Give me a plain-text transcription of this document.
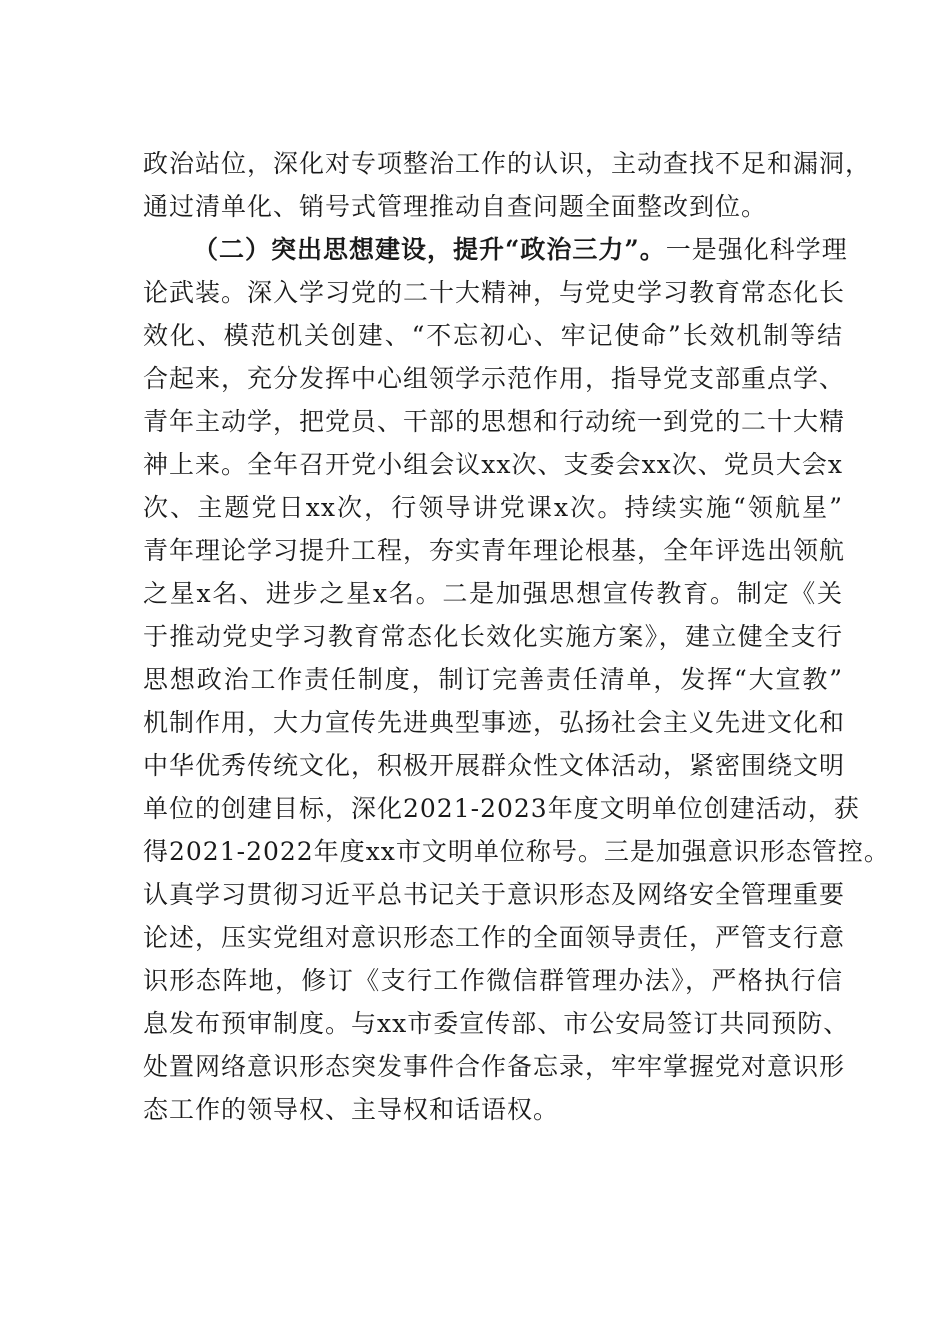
政治站位，深化对专项整治工作的认识，主动查找不足和漏洞，
通过清单化、销号式管理推动自查问题全面整改到位。
（二）突出思想建设，提升“政治三力”。一是强化科学理
论武装。深入学习党的二十大精神，与党史学习教育常态化长
效化、模范机关创建、“不忘初心、牢记使命”长效机制等结
合起来，充分发挥中心组领学示范作用，指导党支部重点学、
青年主动学，把党员、干部的思想和行动统一到党的二十大精
神上来。全年召开党小组会议xx次、支委会xx次、党员大会x
次、主题党日xx次，行领导讲党课x次。持续实施“领航星”
青年理论学习提升工程，夯实青年理论根基，全年评选出领航
之星x名、进步之星x名。二是加强思想宣传教育。制定《关
于推动党史学习教育常态化长效化实施方案》，建立健全支行
思想政治工作责任制度，制订完善责任清单，发挥“大宣教”
机制作用，大力宣传先进典型事迹，弘扬社会主义先进文化和
中华优秀传统文化，积极开展群众性文体活动，紧密围绕文明
单位的创建目标，深化2021-2023年度文明单位创建活动，获
得2021-2022年度xx市文明单位称号。三是加强意识形态管控。
认真学习贯彻习近平总书记关于意识形态及网络安全管理重要
论述，压实党组对意识形态工作的全面领导责任，严管支行意
识形态阵地，修订《支行工作微信群管理办法》，严格执行信
息发布预审制度。与xx市委宣传部、市公安局签订共同预防、
处置网络意识形态突发事件合作备忘录，牢牢掌握党对意识形
态工作的领导权、主导权和话语权。
